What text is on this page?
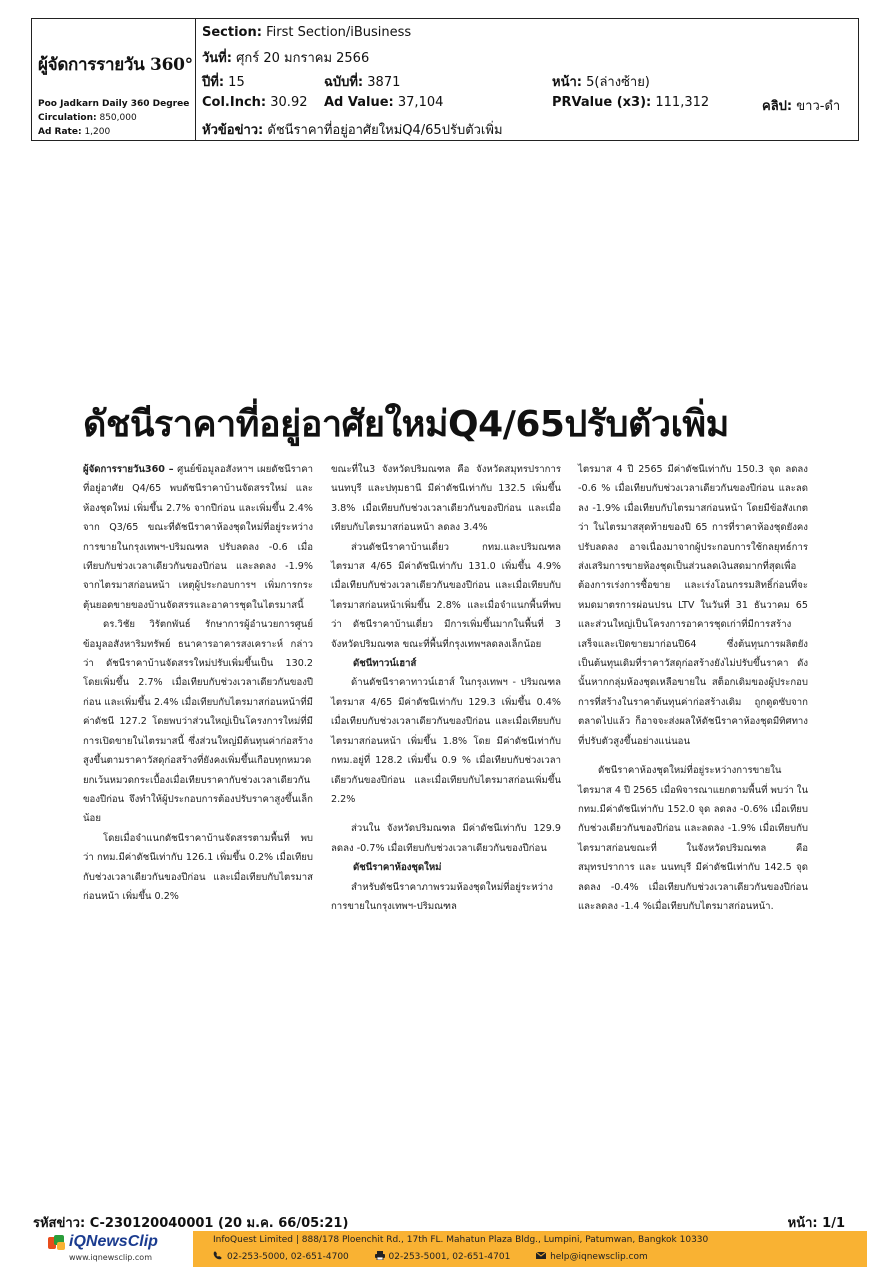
ผู้จัดการรายวัน 360°
Poo Jadkarn Daily 360 Degree
Circulation: 850,000
Ad Rate: 1,200
Section: First Section/iBusiness
วันที่: ศุกร์ 20 มกราคม 2566
ปีที่: 15	ฉบับที่: 3871	หน้า: 5(ล่างซ้าย)
Col.Inch: 30.92 Ad Value: 37,104	PRValue (x3): 111,312	คลิป: ขาว-ดำ
หัวข้อข่าว: ดัชนีราคาที่อยู่อาศัยใหม่Q4/65ปรับตัวเพิ่ม
ดัชนีราคาที่อยู่อาศัยใหม่Q4/65ปรับตัวเพิ่ม

ผู้จัดการรายวัน360 – ศูนย์ข้อมูลอสังหาฯ เผยดัชนีราคาที่อยู่อาศัย Q4/65 พบดัชนีราคาบ้านจัดสรรใหม่ และ ห้องชุดใหม่ เพิ่มขึ้น 2.7% จากปีก่อน และเพิ่มขึ้น 2.4% จาก Q3/65 ขณะที่ดัชนีราคาห้องชุดใหม่ที่อยู่ระหว่างการขายในกรุงเทพฯ-ปริมณฑล ปรับลดลง -0.6 เมื่อเทียบกับช่วงเวลาเดียวกันของปีก่อน และลดลง -1.9% จากไตรมาสก่อนหน้า เหตุผู้ประกอบการฯ เพิ่มการกระตุ้นยอดขายของบ้านจัดสรรและอาคารชุดในไตรมาสนี้

ดร.วิชัย วิรัตกพันธ์ รักษาการผู้อำนวยการศูนย์ข้อมูลอสังหาริมทรัพย์ ธนาคารอาคารสงเคราะห์ กล่าวว่า ดัชนีราคาบ้านจัดสรรใหม่ปรับเพิ่มขึ้นเป็น 130.2 โดยเพิ่มขึ้น 2.7% เมื่อเทียบกับช่วงเวลาเดียวกันของปีก่อน และเพิ่มขึ้น 2.4% เมื่อเทียบกับไตรมาสก่อนหน้าที่มีค่าดัชนี 127.2 โดยพบว่าส่วนใหญ่เป็นโครงการใหม่ที่มีการเปิดขายในไตรมาสนี้ ซึ่งส่วนใหญ่มีต้นทุนค่าก่อสร้างสูงขึ้นตามราคาวัสดุก่อสร้างที่ยังคงเพิ่มขึ้นเกือบทุกหมวดยกเว้นหมวดกระเบื้องเมื่อเทียบราคากับช่วงเวลาเดียวกันของปีก่อน จึงทำให้ผู้ประกอบการต้องปรับราคาสูงขึ้นเล็กน้อย

โดยเมื่อจำแนกดัชนีราคาบ้านจัดสรรตามพื้นที่ พบว่า กทม.มีค่าดัชนีเท่ากับ 126.1 เพิ่มขึ้น 0.2% เมื่อเทียบกับช่วงเวลาเดียวกันของปีก่อน และเมื่อเทียบกับไตรมาสก่อนหน้า เพิ่มขึ้น 0.2%

ขณะที่ใน3 จังหวัดปริมณฑล คือ จังหวัดสมุทรปราการ นนทบุรี และปทุมธานี มีค่าดัชนีเท่ากับ 132.5 เพิ่มขึ้น 3.8% เมื่อเทียบกับช่วงเวลาเดียวกันของปีก่อน และเมื่อเทียบกับไตรมาสก่อนหน้า ลดลง 3.4%

ส่วนดัชนีราคาบ้านเดี่ยว กทม.และปริมณฑลไตรมาส 4/65 มีค่าดัชนีเท่ากับ 131.0 เพิ่มขึ้น 4.9% เมื่อเทียบกับช่วงเวลาเดียวกันของปีก่อน และเมื่อเทียบกับไตรมาสก่อนหน้าเพิ่มขึ้น 2.8% และเมื่อจำแนกพื้นที่พบว่า ดัชนีราคาบ้านเดี่ยว มีการเพิ่มขึ้นมากในพื้นที่ 3 จังหวัดปริมณฑล ขณะที่พื้นที่กรุงเทพฯลดลงเล็กน้อย

ดัชนีทาวน์เฮาส์

ด้านดัชนีราคาทาวน์เฮาส์ ในกรุงเทพฯ - ปริมณฑล ไตรมาส 4/65 มีค่าดัชนีเท่ากับ 129.3 เพิ่มขึ้น 0.4% เมื่อเทียบกับช่วงเวลาเดียวกันของปีก่อน และเมื่อเทียบกับไตรมาสก่อนหน้า เพิ่มขึ้น 1.8% โดย มีค่าดัชนีเท่ากับ กทม.อยู่ที่ 128.2 เพิ่มขึ้น 0.9 % เมื่อเทียบกับช่วงเวลาเดียวกันของปีก่อน และเมื่อเทียบกับไตรมาสก่อนเพิ่มขึ้น 2.2%

ส่วนใน จังหวัดปริมณฑล มีค่าดัชนีเท่ากับ 129.9 ลดลง -0.7% เมื่อเทียบกับช่วงเวลาเดียวกันของปีก่อน

ดัชนีราคาห้องชุดใหม่

สำหรับดัชนีราคาภาพรวมห้องชุดใหม่ที่อยู่ระหว่างการขายในกรุงเทพฯ-ปริมณฑล

ไตรมาส 4 ปี 2565 มีค่าดัชนีเท่ากับ 150.3 จุด ลดลง -0.6 % เมื่อเทียบกับช่วงเวลาเดียวกันของปีก่อน และลดลง -1.9% เมื่อเทียบกับไตรมาสก่อนหน้า โดยมีข้อสังเกตว่า ในไตรมาสสุดท้ายของปี 65 การที่ราคาห้องชุดยังคงปรับลดลง อาจเนื่องมาจากผู้ประกอบการใช้กลยุทธ์การส่งเสริมการขายห้องชุดเป็นส่วนลดเงินสดมากที่สุดเพื่อต้องการเร่งการซื้อขาย และเร่งโอนกรรมสิทธิ์ก่อนที่จะหมดมาตรการผ่อนปรน LTV ในวันที่ 31 ธันวาคม 65 และส่วนใหญ่เป็นโครงการอาคารชุดเก่าที่มีการสร้างเสร็จและเปิดขายมาก่อนปี64 ซึ่งต้นทุนการผลิตยังเป็นต้นทุนเดิมที่ราคาวัสดุก่อสร้างยังไม่ปรับขึ้นราคา ดังนั้นหากกลุ่มห้องชุดเหลือขายใน สต็อกเดิมของผู้ประกอบการที่สร้างในราคาต้นทุนค่าก่อสร้างเดิม ถูกดูดซับจากตลาดไปแล้ว ก็อาจจะส่งผลให้ดัชนีราคาห้องชุดมีทิศทางที่ปรับตัวสูงขึ้นอย่างแน่นอน

ดัชนีราคาห้องชุดใหม่ที่อยู่ระหว่างการขายในไตรมาส 4 ปี 2565 เมื่อพิจารณาแยกตามพื้นที่ พบว่า ในกทม.มีค่าดัชนีเท่ากับ 152.0 จุด ลดลง -0.6% เมื่อเทียบกับช่วงเดียวกันของปีก่อน และลดลง -1.9% เมื่อเทียบกับไตรมาสก่อนขณะที่ ในจังหวัดปริมณฑล คือ สมุทรปราการ และ นนทบุรี มีค่าดัชนีเท่ากับ 142.5 จุด ลดลง -0.4% เมื่อเทียบกับช่วงเวลาเดียวกันของปีก่อน และลดลง -1.4 %เมื่อเทียบกับไตรมาสก่อนหน้า.

รหัสข่าว: C-230120040001 (20 ม.ค. 66/05:21)	หน้า: 1/1
iQNewsClip
www.iqnewsclip.com
InfoQuest Limited | 888/178 Ploenchit Rd., 17th FL. Mahatun Plaza Bldg., Lumpini, Patumwan, Bangkok 10330
02-253-5000, 02-651-4700	02-253-5001, 02-651-4701	help@iqnewsclip.com
